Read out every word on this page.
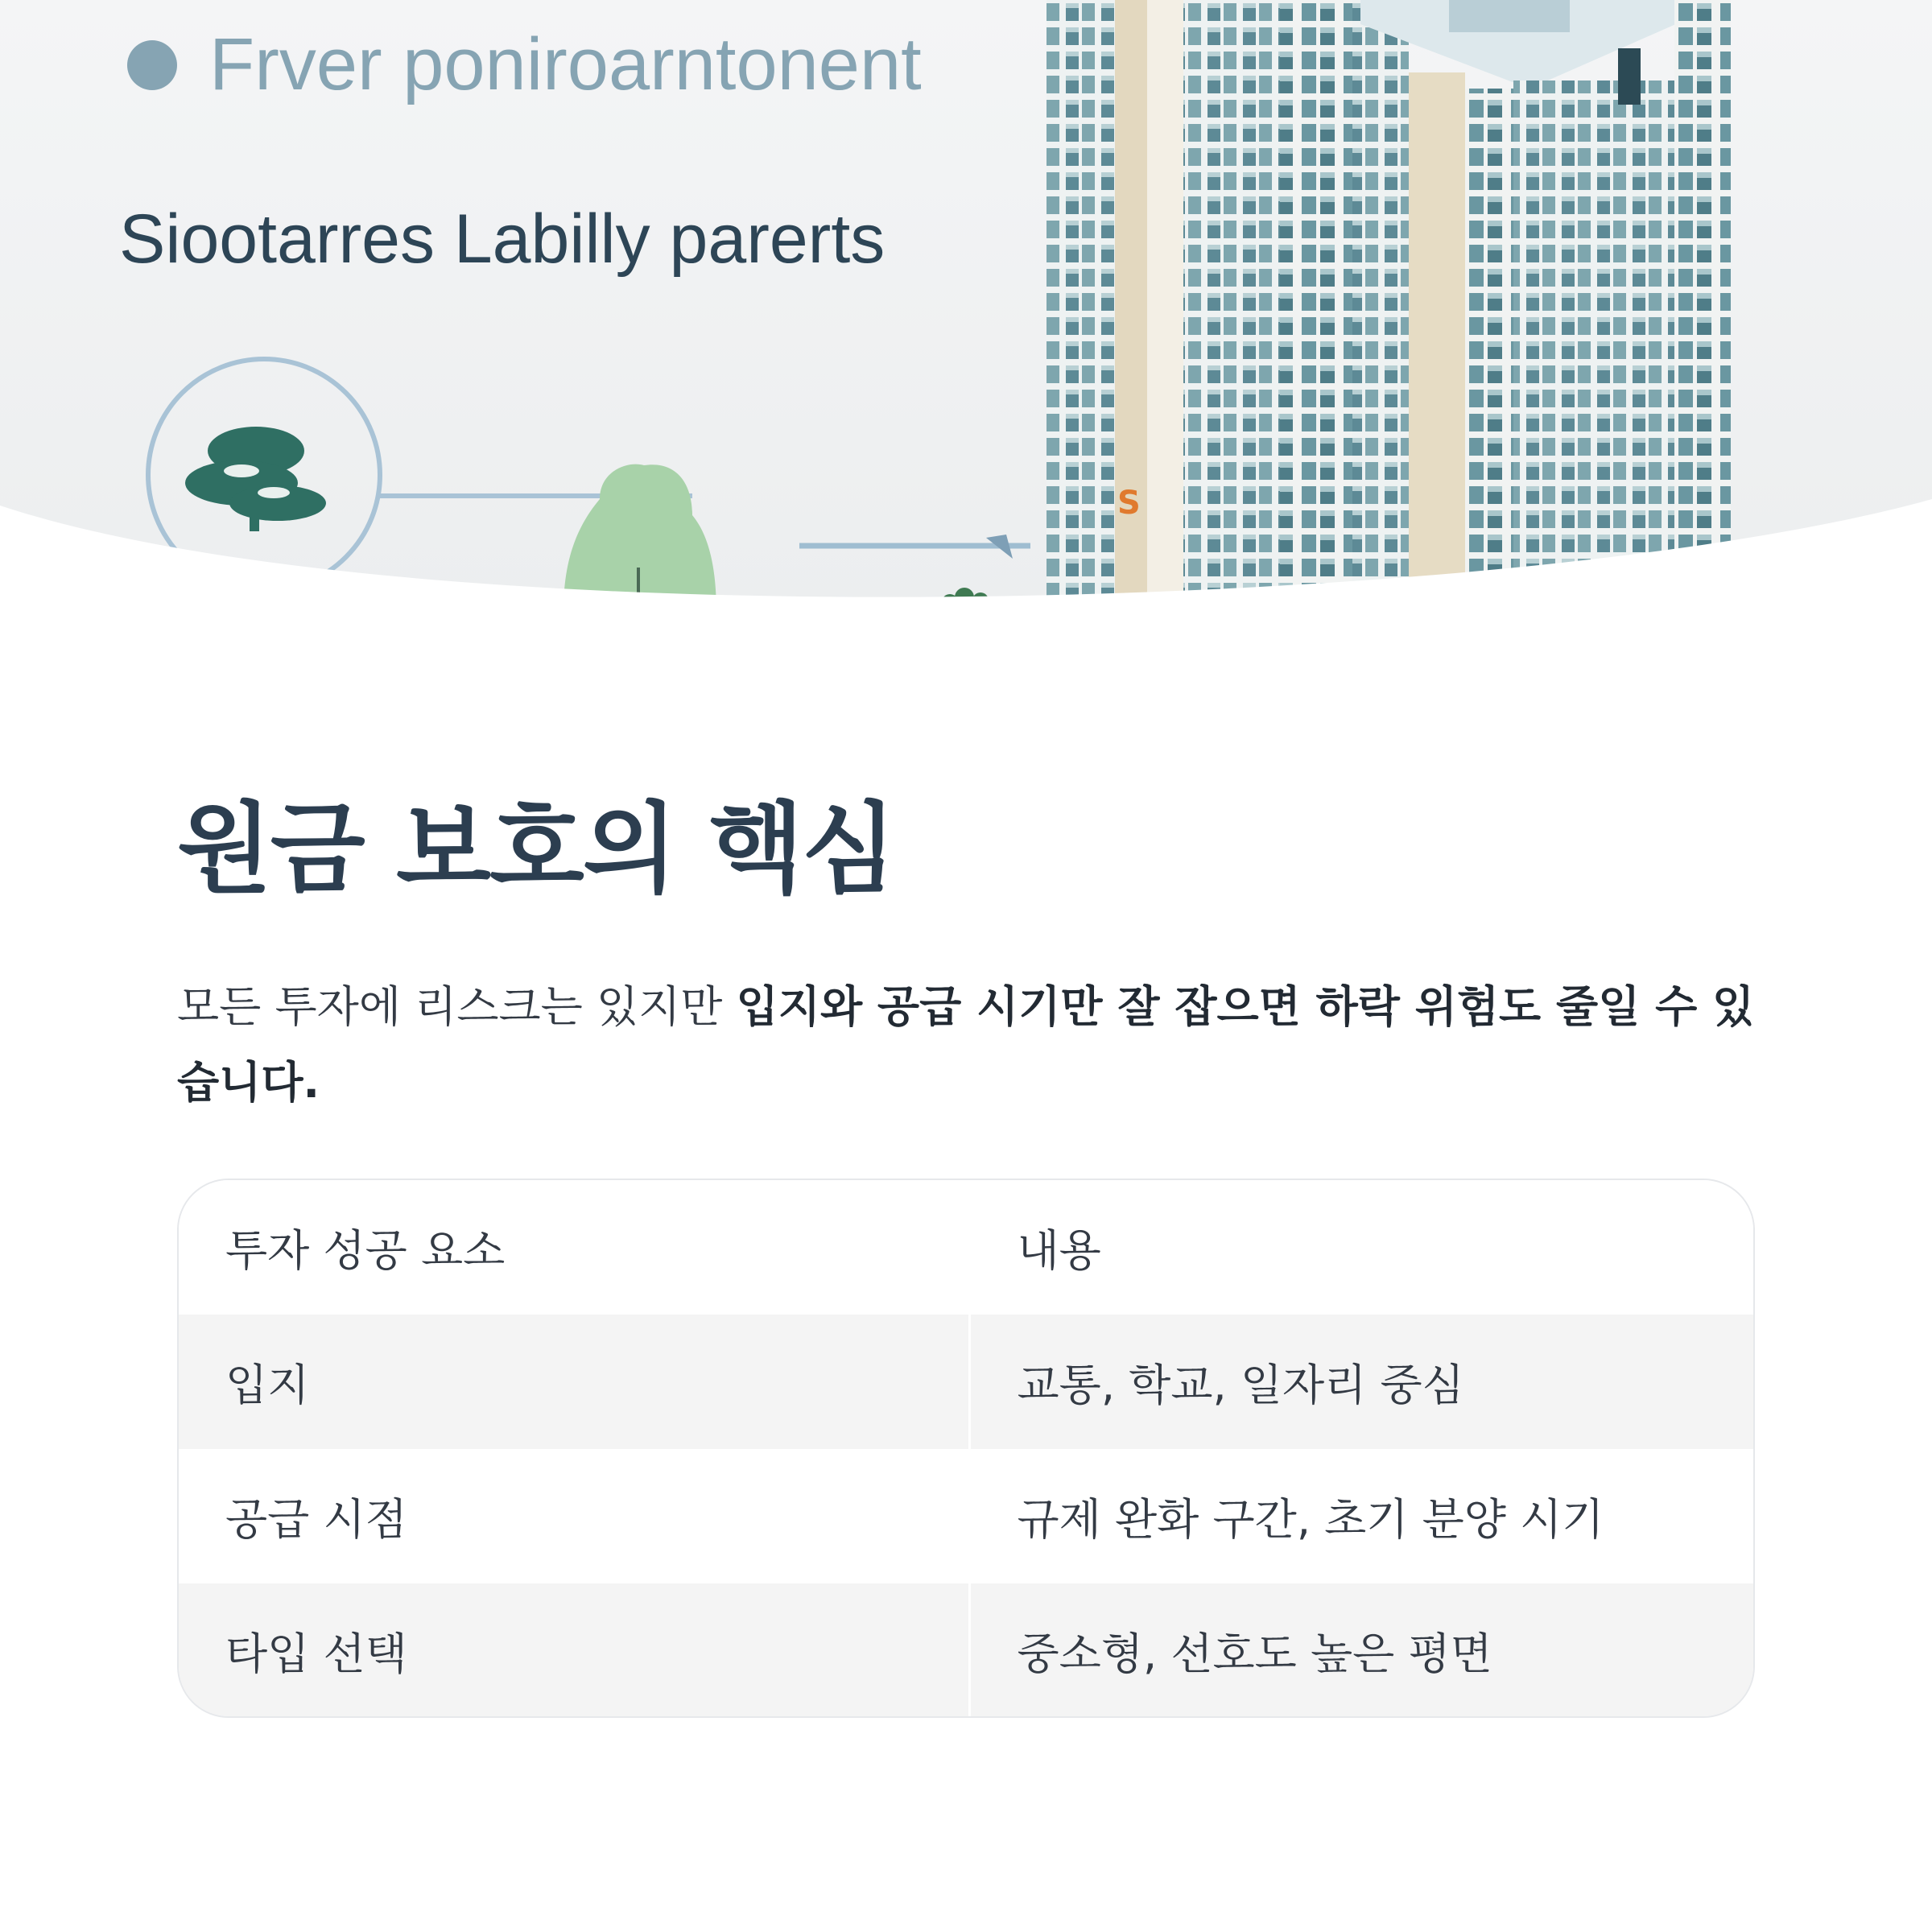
S
Frver poniroarntonent
Siootarres Labilly parerts
원금 보호의 핵심

모든 투자에 리스크는 있지만 입지와 공급 시기만 잘 잡으면 하락 위험도 줄일 수 있습니다.

투자 성공 요소	내용
입지	교통, 학교, 일자리 중심
공급 시점	규제 완화 구간, 초기 분양 시기
타입 선택	중소형, 선호도 높은 평면
